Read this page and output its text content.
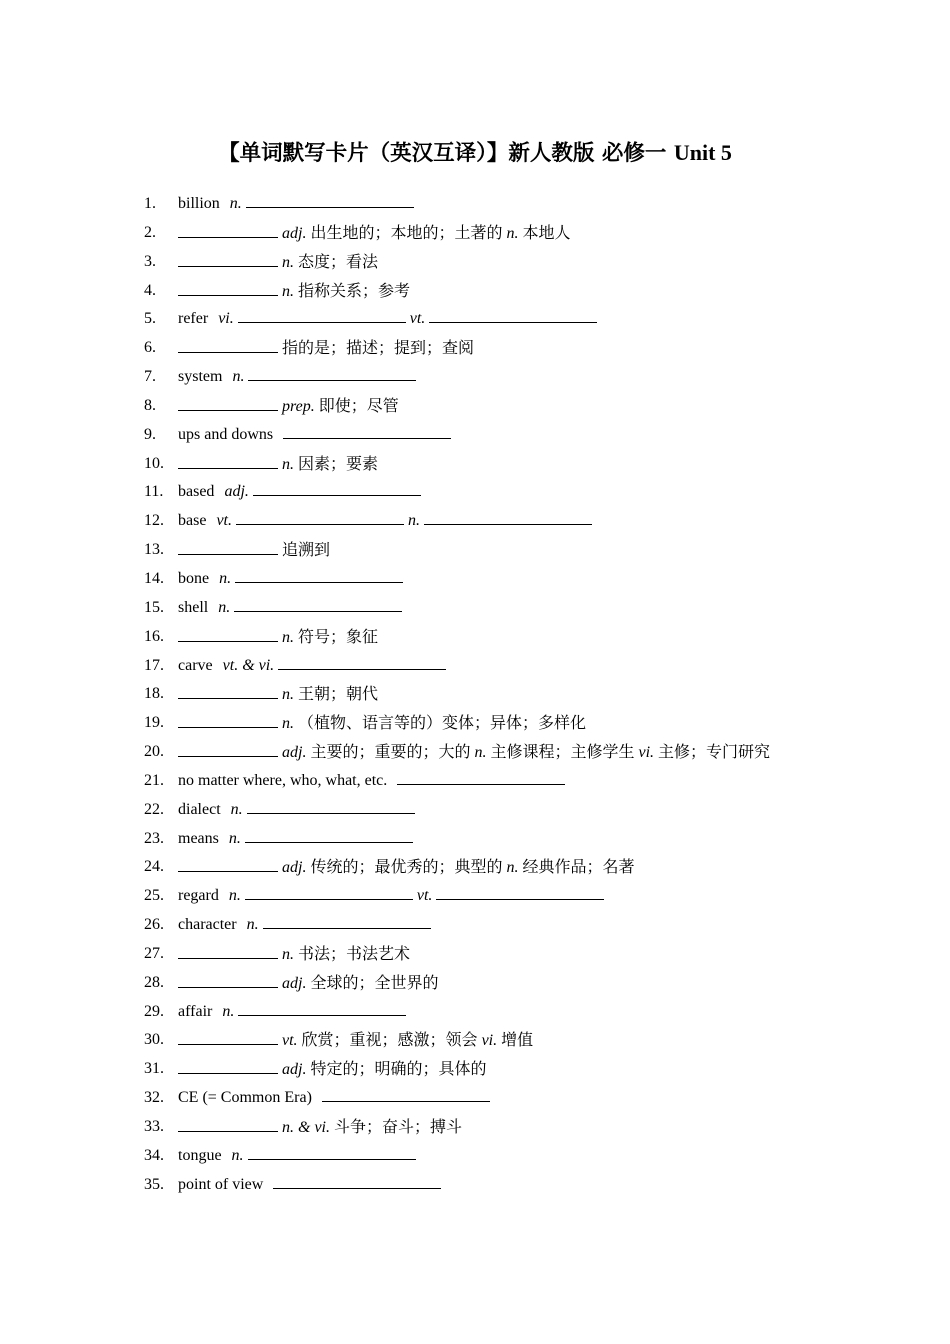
【单词默写卡片（英汉互译）】新人教版 必修一 Unit 5
1.	billion n.
2.	adj. 出生地的；本地的；土著的 n. 本地人
3.	n. 态度；看法
4.	n. 指称关系；参考
5.	refer vi.	vt.
6.	指的是；描述；提到；查阅
7.	system n.
8.	prep. 即使；尽管
9.	ups and downs
10.	n. 因素；要素
11. based adj.
12. base vt.	n.
13.	追溯到
14. bone n.
15. shell n.
16.	n. 符号；象征
17. carve vt. & vi.
18.	n. 王朝；朝代
19.	n. （植物、语言等的）变体；异体；多样化
20.	adj. 主要的；重要的；大的 n. 主修课程；主修学生 vi. 主修；专门研究
21. no matter where, who, what, etc.
22. dialect n.
23. means n.
24.	adj. 传统的；最优秀的；典型的 n. 经典作品；名著
25. regard n.	vt.
26. character n.
27.	n. 书法；书法艺术
28.	adj. 全球的；全世界的
29. affair n.
30.	vt. 欣赏；重视；感激；领会 vi. 增值
31.	adj. 特定的；明确的；具体的
32. CE (= Common Era)
33.	n. & vi. 斗争；奋斗；搏斗
34. tongue n.
35. point of view
